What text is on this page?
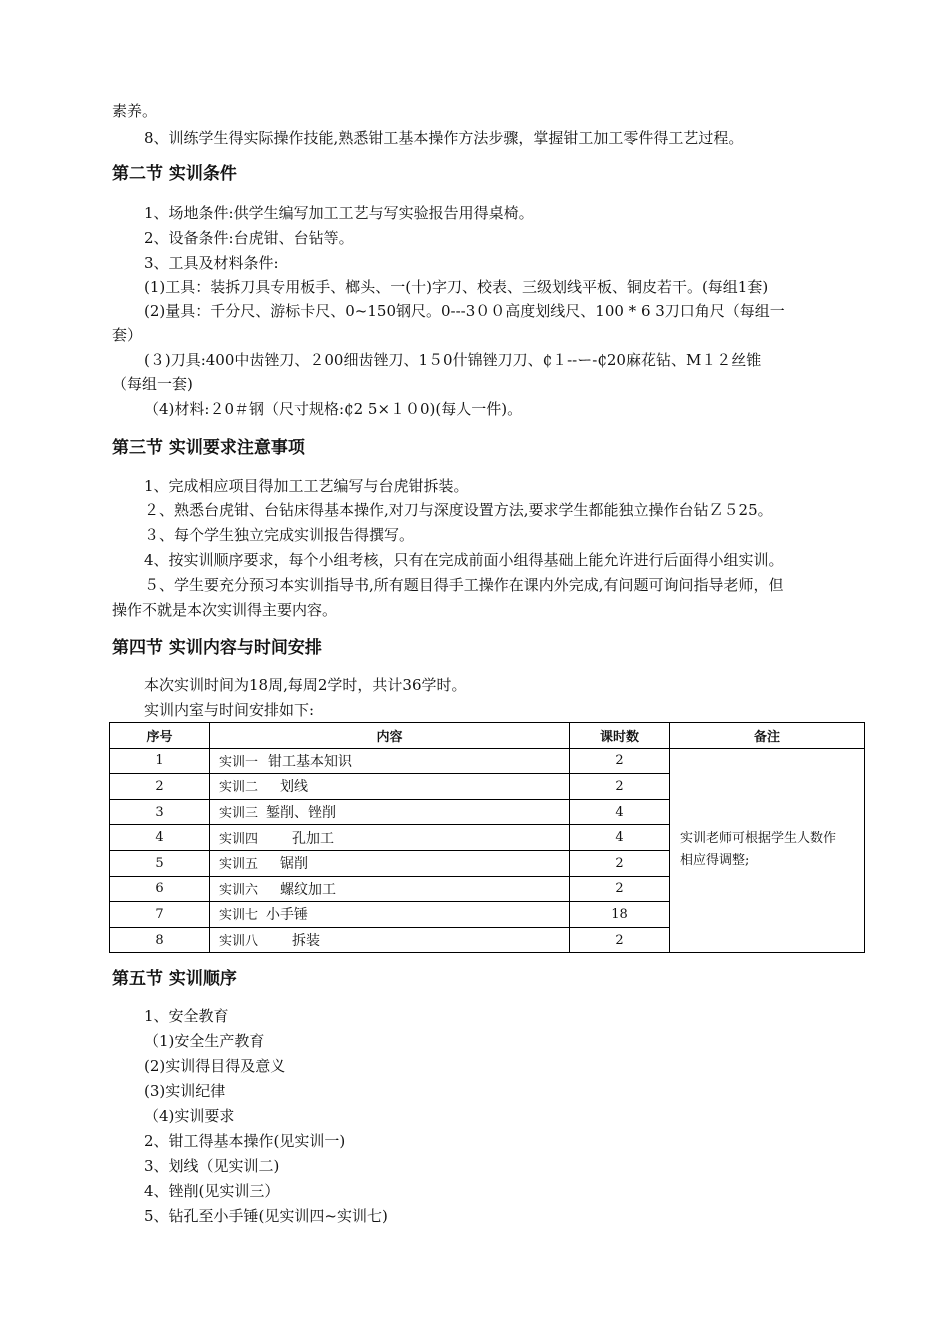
素养。
8、训练学生得实际操作技能,熟悉钳工基本操作方法步骤，掌握钳工加工零件得工艺过程。
第二节 实训条件
1、场地条件:供学生编写加工工艺与写实验报告用得桌椅。
2、设备条件:台虎钳、台钻等。
3、工具及材料条件:
(1)工具：装拆刀具专用板手、榔头、一(十)字刀、校表、三级划线平板、铜皮若干。(每组1套)
(2)量具：千分尺、游标卡尺、0~150钢尺。0---3００高度划线尺、100 * 6 3刀口角尺（每组一
套）
(３)刀具:400中齿锉刀、２00细齿锉刀、1５0什锦锉刀刀、₵１--ー-₵20麻花钻、M１２丝锥
（每组一套)
（4)材料:２0＃钢（尺寸规格:₵2 5×１０0)(每人一件)。
第三节 实训要求注意事项
1、完成相应项目得加工工艺编写与台虎钳拆装。
２、熟悉台虎钳、台钻床得基本操作,对刀与深度设置方法,要求学生都能独立操作台钻Ｚ５25。
３、每个学生独立完成实训报告得撰写。
4、按实训顺序要求，每个小组考核，只有在完成前面小组得基础上能允许进行后面得小组实训。
５、学生要充分预习本实训指导书,所有题目得手工操作在课内外完成,有问题可询问指导老师，但
操作不就是本次实训得主要内容。
第四节 实训内容与时间安排
本次实训时间为18周,每周2学时，共计36学时。
实训内室与时间安排如下:
序号	内容	课时数	备注
1	实训一 钳工基本知识	2	实训老师可根据学生人数作
相应得调整;

2	实训二 划线	2	
3	实训三 錾削、锉削	4	
4	实训四 孔加工	4	
5	实训五 锯削	2	
6	实训六 螺纹加工	2	
7	实训七 小手锤	18	
8	实训八 拆装	2	
第五节 实训顺序
1、安全教育
（1)安全生产教育
(2)实训得目得及意义
(3)实训纪律
（4)实训要求
2、钳工得基本操作(见实训一)
3、划线（见实训二)
4、锉削(见实训三）
5、钻孔至小手锤(见实训四~实训七)
